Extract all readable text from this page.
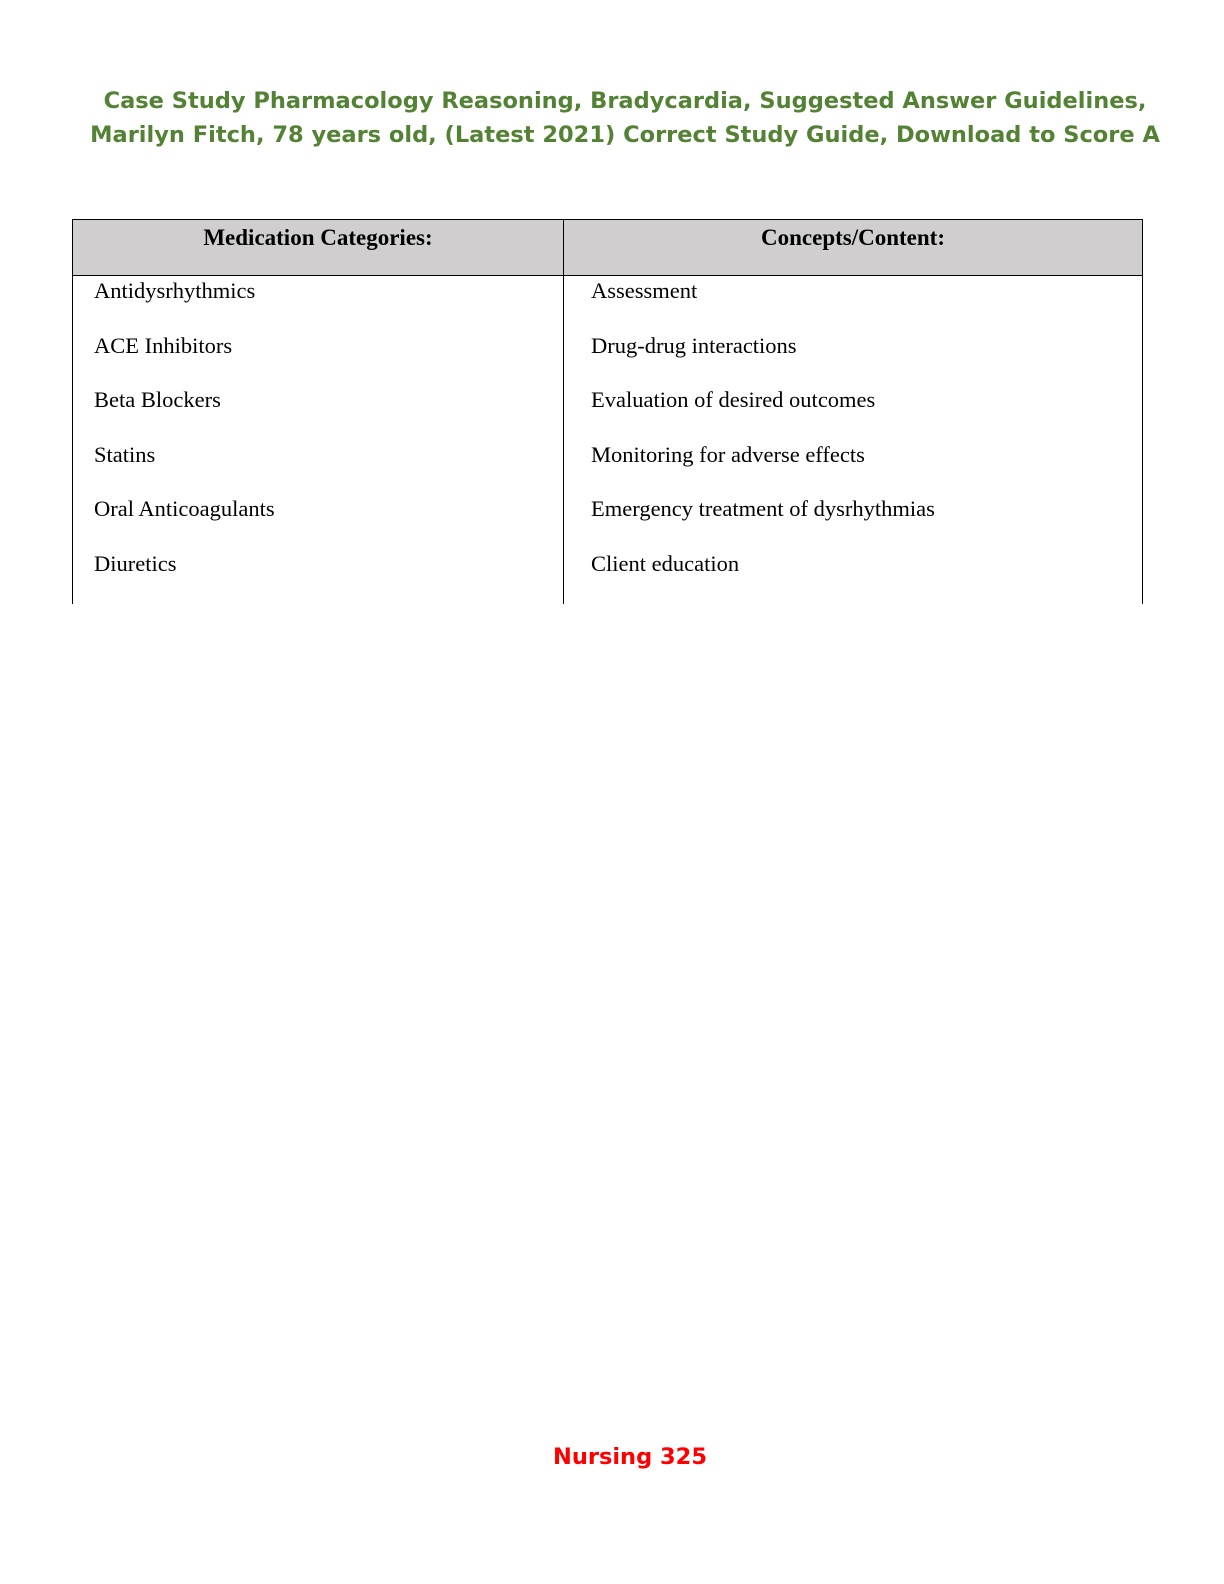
Case Study Pharmacology Reasoning, Bradycardia, Suggested Answer Guidelines,
Marilyn Fitch, 78 years old, (Latest 2021) Correct Study Guide, Download to Score A
Medication Categories:	Concepts/Content:
Antidysrhythmics
ACE Inhibitors
Beta Blockers
Statins
Oral Anticoagulants
Diuretics
Assessment
Drug-drug interactions
Evaluation of desired outcomes
Monitoring for adverse effects
Emergency treatment of dysrhythmias
Client education
Nursing 325
